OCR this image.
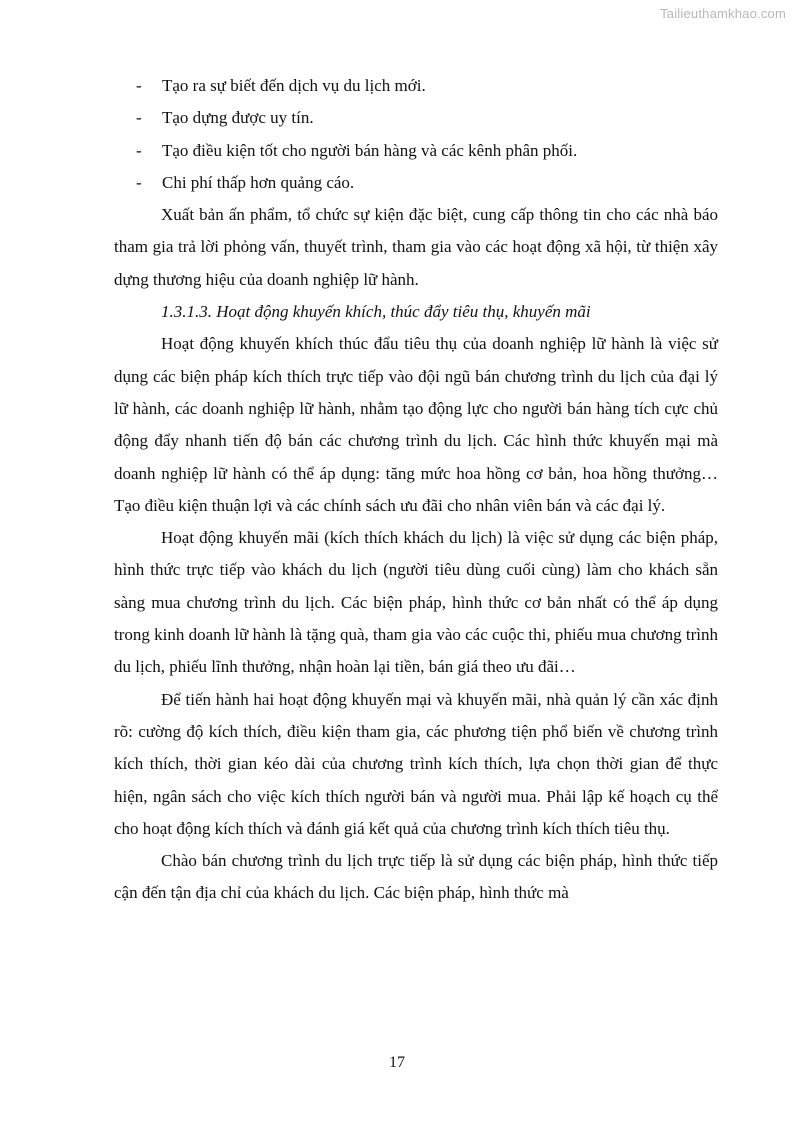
Tailieuthamkhao.com
-	Tạo ra sự biết đến dịch vụ du lịch mới.
-	Tạo dựng được uy tín.
-	Tạo điều kiện tốt cho người bán hàng và các kênh phân phối.
-	Chi phí thấp hơn quảng cáo.

Xuất bản ấn phẩm, tổ chức sự kiện đặc biệt, cung cấp thông tin cho các nhà báo tham gia trả lời phỏng vấn, thuyết trình, tham gia vào các hoạt động xã hội, từ thiện xây dựng thương hiệu của doanh nghiệp lữ hành.

1.3.1.3. Hoạt động khuyến khích, thúc đẩy tiêu thụ, khuyến mãi

Hoạt động khuyến khích thúc đẩu tiêu thụ của doanh nghiệp lữ hành là việc sử dụng các biện pháp kích thích trực tiếp vào đội ngũ bán chương trình du lịch của đại lý lữ hành, các doanh nghiệp lữ hành, nhằm tạo động lực cho người bán hàng tích cực chủ động đẩy nhanh tiến độ bán các chương trình du lịch. Các hình thức khuyến mại mà doanh nghiệp lữ hành có thể áp dụng: tăng mức hoa hồng cơ bản, hoa hồng thưởng…Tạo điều kiện thuận lợi và các chính sách ưu đãi cho nhân viên bán và các đại lý.

Hoạt động khuyến mãi (kích thích khách du lịch) là việc sử dụng các biện pháp, hình thức trực tiếp vào khách du lịch (người tiêu dùng cuối cùng) làm cho khách sẵn sàng mua chương trình du lịch. Các biện pháp, hình thức cơ bản nhất có thể áp dụng trong kinh doanh lữ hành là tặng quà, tham gia vào các cuộc thi, phiếu mua chương trình du lịch, phiếu lĩnh thưởng, nhận hoàn lại tiền, bán giá theo ưu đãi…

Để tiến hành hai hoạt động khuyến mại và khuyến mãi, nhà quản lý cần xác định rõ: cường độ kích thích, điều kiện tham gia, các phương tiện phổ biến về chương trình kích thích, thời gian kéo dài của chương trình kích thích, lựa chọn thời gian để thực hiện, ngân sách cho việc kích thích người bán và người mua. Phải lập kế hoạch cụ thể cho hoạt động kích thích và đánh giá kết quả của chương trình kích thích tiêu thụ.

Chào bán chương trình du lịch trực tiếp là sử dụng các biện pháp, hình thức tiếp cận đến tận địa chỉ của khách du lịch. Các biện pháp, hình thức mà

17
